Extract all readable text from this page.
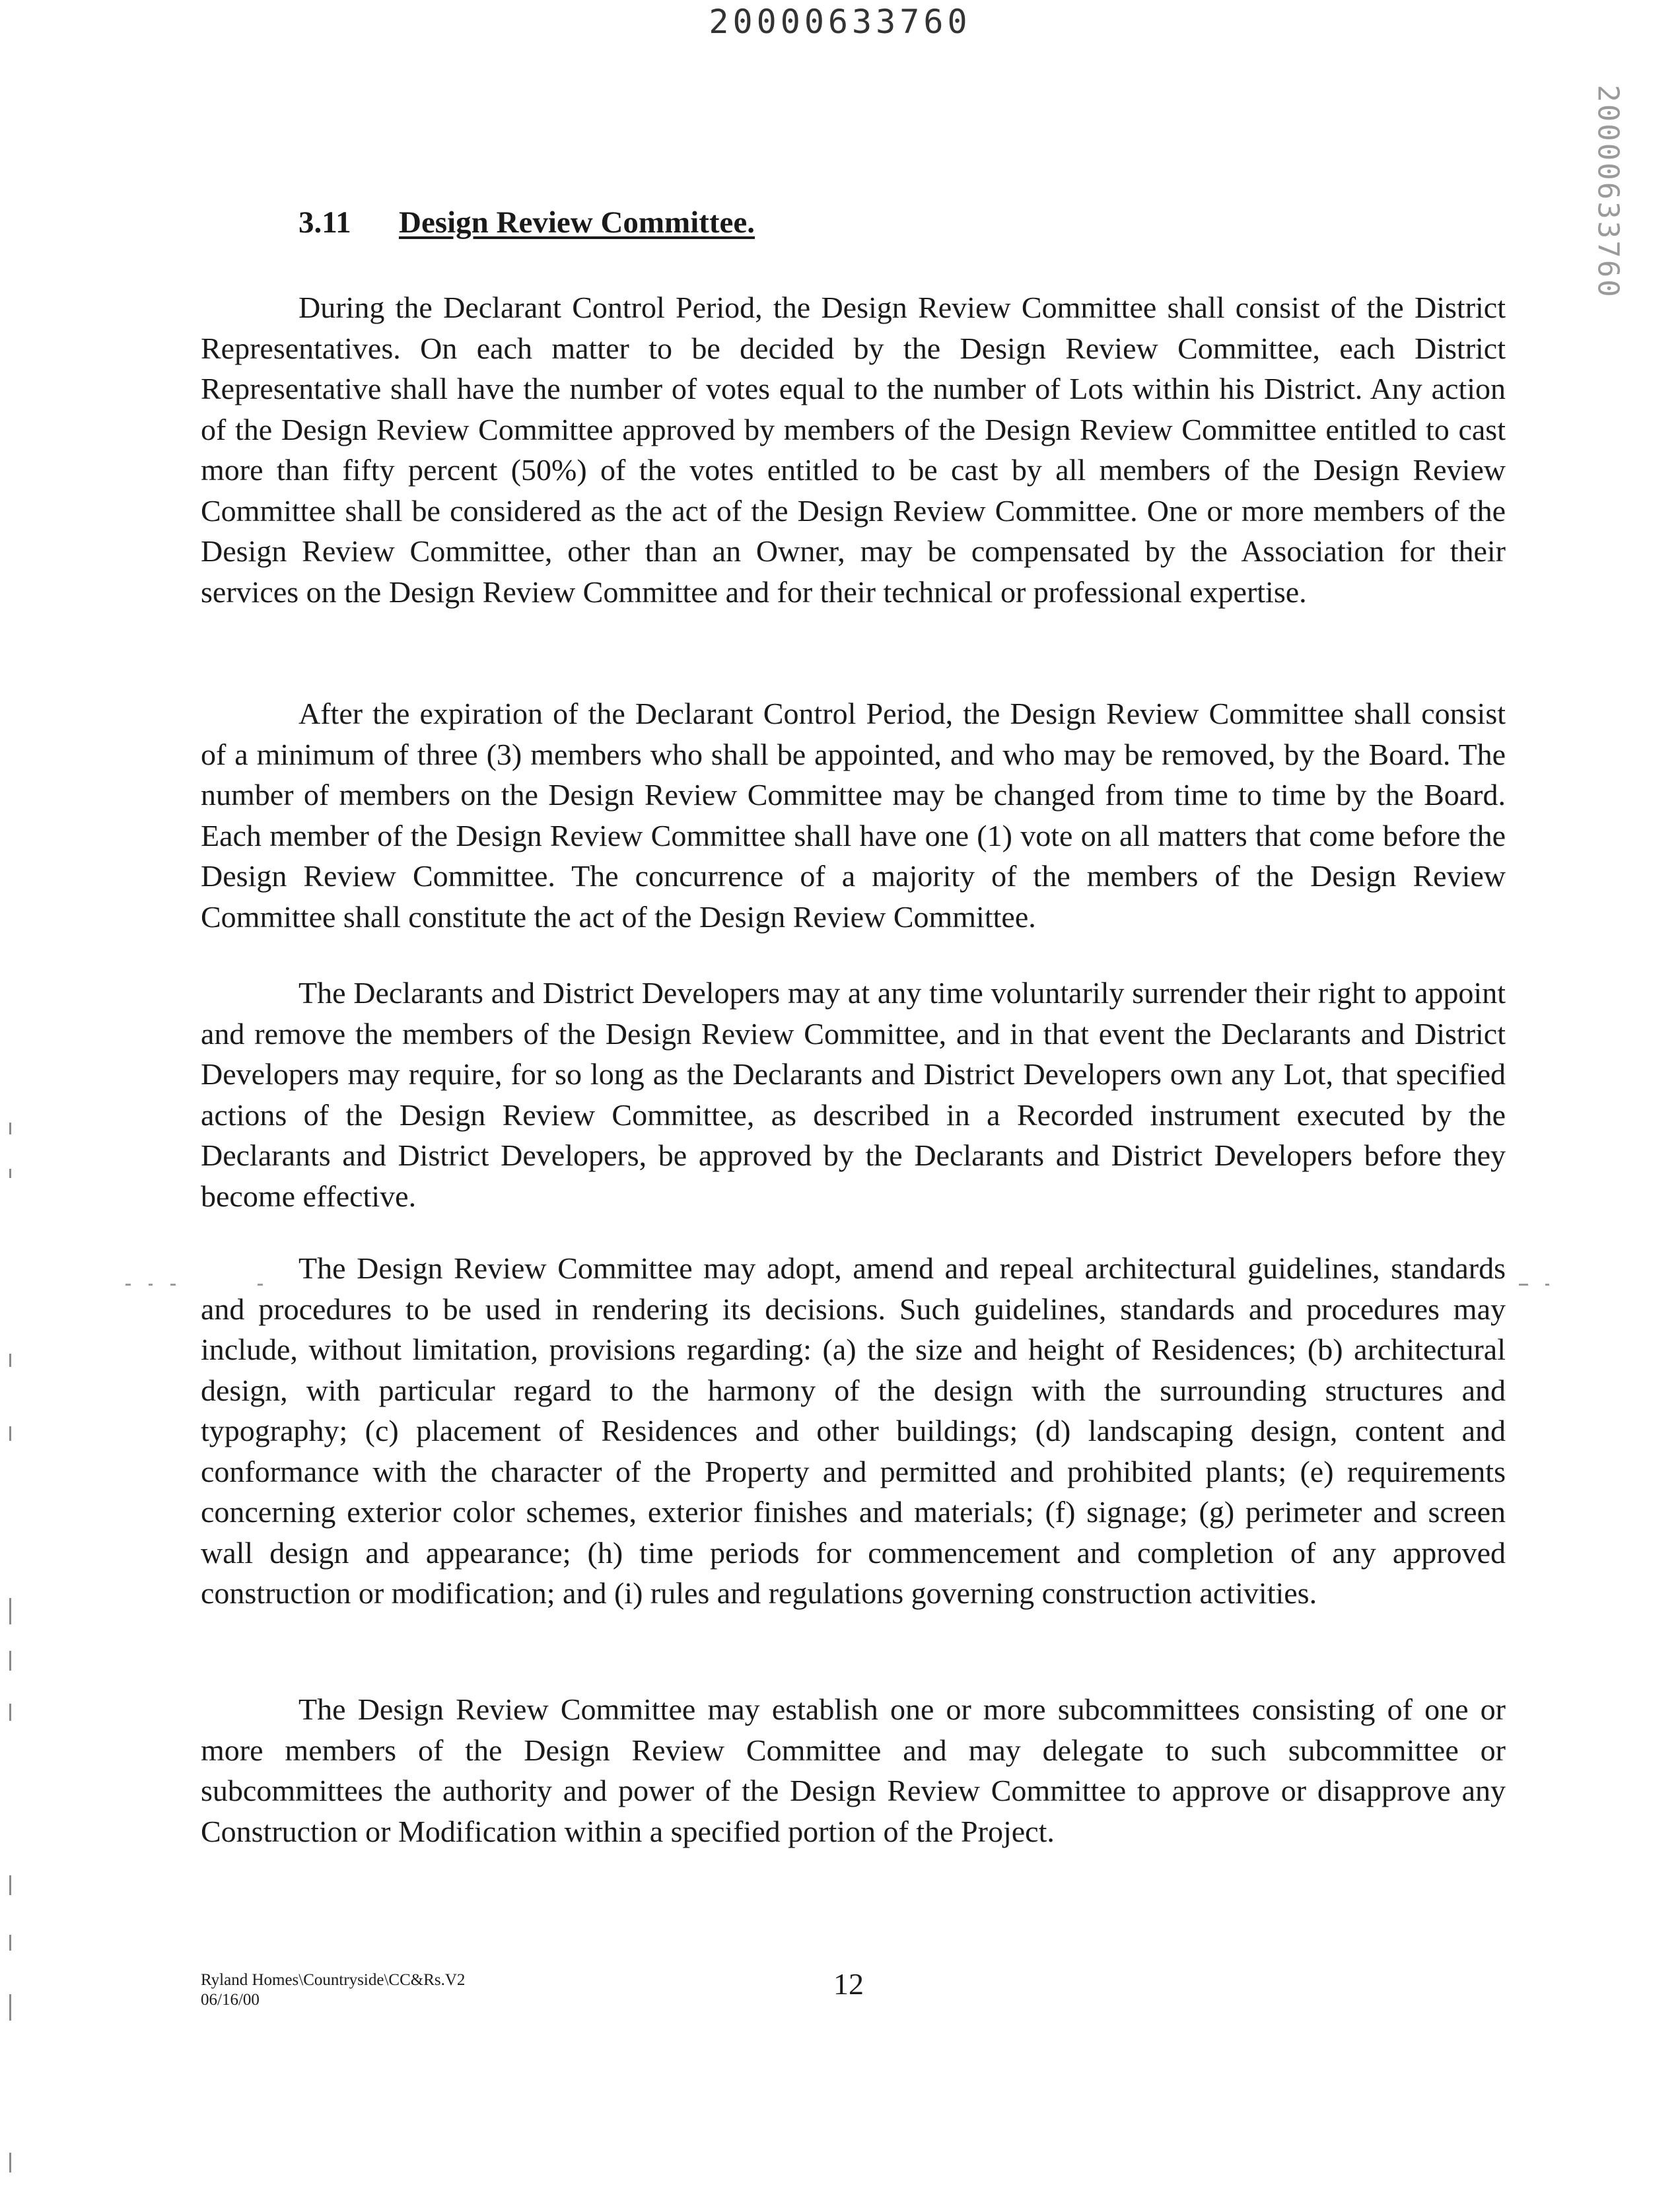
20000633760
20000633760
3.11 Design Review Committee.

During the Declarant Control Period, the Design Review Committee shall consist of the District Representatives. On each matter to be decided by the Design Review Committee, each District Representative shall have the number of votes equal to the number of Lots within his District. Any action of the Design Review Committee approved by members of the Design Review Committee entitled to cast more than fifty percent (50%) of the votes entitled to be cast by all members of the Design Review Committee shall be considered as the act of the Design Review Committee. One or more members of the Design Review Committee, other than an Owner, may be compensated by the Association for their services on the Design Review Committee and for their technical or professional expertise.

After the expiration of the Declarant Control Period, the Design Review Committee shall consist of a minimum of three (3) members who shall be appointed, and who may be removed, by the Board. The number of members on the Design Review Committee may be changed from time to time by the Board. Each member of the Design Review Committee shall have one (1) vote on all matters that come before the Design Review Committee. The concurrence of a majority of the members of the Design Review Committee shall constitute the act of the Design Review Committee.

The Declarants and District Developers may at any time voluntarily surrender their right to appoint and remove the members of the Design Review Committee, and in that event the Declarants and District Developers may require, for so long as the Declarants and District Developers own any Lot, that specified actions of the Design Review Committee, as described in a Recorded instrument executed by the Declarants and District Developers, be approved by the Declarants and District Developers before they become effective.

The Design Review Committee may adopt, amend and repeal architectural guidelines, standards and procedures to be used in rendering its decisions. Such guidelines, standards and procedures may include, without limitation, provisions regarding: (a) the size and height of Residences; (b) architectural design, with particular regard to the harmony of the design with the surrounding structures and typography; (c) placement of Residences and other buildings; (d) landscaping design, content and conformance with the character of the Property and permitted and prohibited plants; (e) requirements concerning exterior color schemes, exterior finishes and materials; (f) signage; (g) perimeter and screen wall design and appearance; (h) time periods for commencement and completion of any approved construction or modification; and (i) rules and regulations governing construction activities.

The Design Review Committee may establish one or more subcommittees consisting of one or more members of the Design Review Committee and may delegate to such subcommittee or subcommittees the authority and power of the Design Review Committee to approve or disapprove any Construction or Modification within a specified portion of the Project.

Ryland Homes\Countryside\CC&Rs.V2
06/16/00	12
